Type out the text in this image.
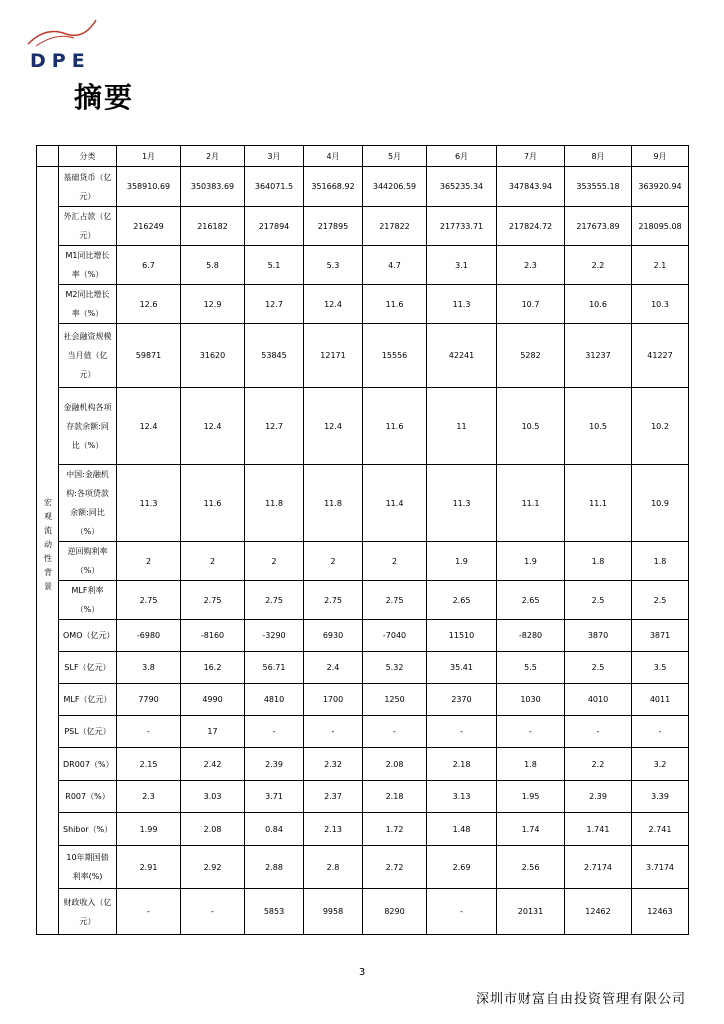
DPE
摘要
	分类	1月	2月	3月	4月	5月	6月	7月	8月	9月
宏观流动性背景	基础货币（亿元）	358910.69	350383.69	364071.5	351668.92	344206.59	365235.34	347843.94	353555.18	363920.94
	外汇占款（亿元）	216249	216182	217894	217895	217822	217733.71	217824.72	217673.89	218095.08
	M1同比增长率（%）	6.7	5.8	5.1	5.3	4.7	3.1	2.3	2.2	2.1
	M2同比增长率（%）	12.6	12.9	12.7	12.4	11.6	11.3	10.7	10.6	10.3
	社会融资规模当月值（亿元）	59871	31620	53845	12171	15556	42241	5282	31237	41227
	金融机构各项存款余额:同比（%）	12.4	12.4	12.7	12.4	11.6	11	10.5	10.5	10.2
	中国:金融机构:各项贷款余额:同比（%）	11.3	11.6	11.8	11.8	11.4	11.3	11.1	11.1	10.9
	逆回购利率（%）	2	2	2	2	2	1.9	1.9	1.8	1.8
	MLF利率（%）	2.75	2.75	2.75	2.75	2.75	2.65	2.65	2.5	2.5
	OMO（亿元）	-6980	-8160	-3290	6930	-7040	11510	-8280	3870	3871
	SLF（亿元）	3.8	16.2	56.71	2.4	5.32	35.41	5.5	2.5	3.5
	MLF（亿元）	7790	4990	4810	1700	1250	2370	1030	4010	4011
	PSL（亿元）	-	17	-	-	-	-	-	-	-
	DR007（%）	2.15	2.42	2.39	2.32	2.08	2.18	1.8	2.2	3.2
	R007（%）	2.3	3.03	3.71	2.37	2.18	3.13	1.95	2.39	3.39
	Shibor（%）	1.99	2.08	0.84	2.13	1.72	1.48	1.74	1.741	2.741
	10年期国债利率(%)	2.91	2.92	2.88	2.8	2.72	2.69	2.56	2.7174	3.7174
	财政收入（亿元）	-	-	5853	9958	8290	-	20131	12462	12463
3
深圳市财富自由投资管理有限公司
